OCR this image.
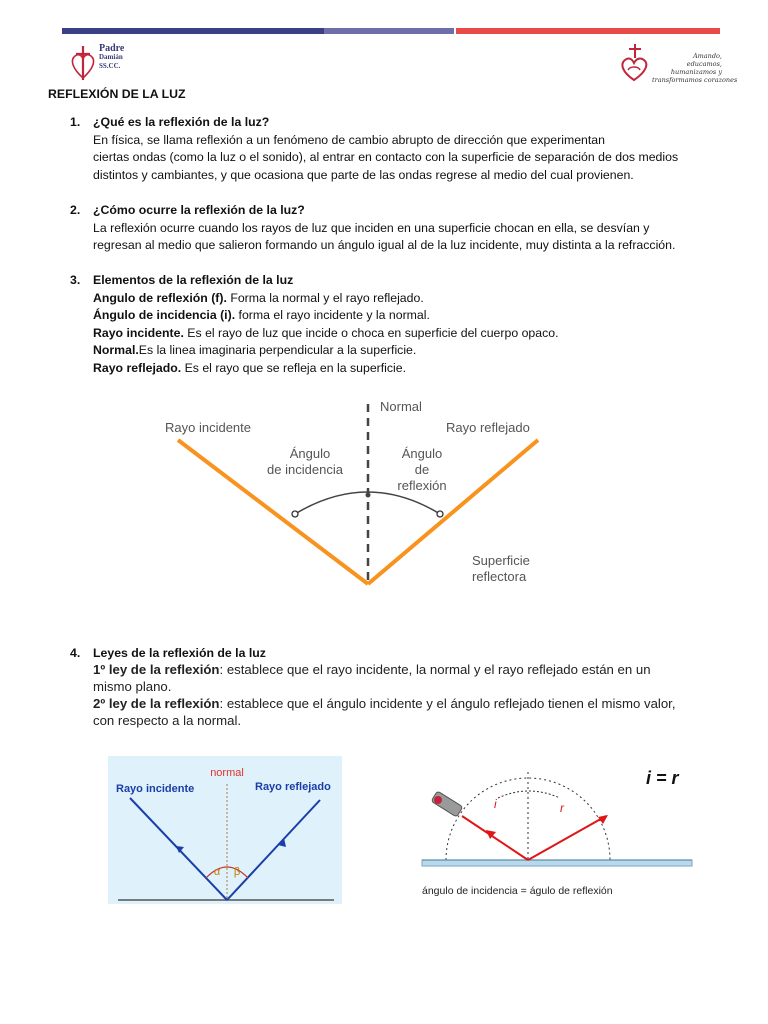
Padre
Damián
SS.CC.
Amando,
educamos,
humanizamos y
transformamos corazones
REFLEXIÓN DE LA LUZ
1. ¿Qué es la reflexión de la luz?
En física, se llama reflexión a un fenómeno de cambio abrupto de dirección que experimentan
ciertas ondas (como la luz o el sonido), al entrar en contacto con la superficie de separación de dos medios
distintos y cambiantes, y que ocasiona que parte de las ondas regrese al medio del cual provienen.
2. ¿Cómo ocurre la reflexión de la luz?
La reflexión ocurre cuando los rayos de luz que inciden en una superficie chocan en ella, se desvían y
regresan al medio que salieron formando un ángulo igual al de la luz incidente, muy distinta a la refracción.
3. Elementos de la reflexión de la luz
Angulo de reflexión (f). Forma la normal y el rayo reflejado.
Ángulo de incidencia (i). forma el rayo incidente y la normal.
Rayo incidente. Es el rayo de luz que incide o choca en superficie del cuerpo opaco.
Normal.Es la linea imaginaria perpendicular a la superficie.
Rayo reflejado. Es el rayo que se refleja en la superficie.
Normal
Rayo incidente	Rayo reflejado
Ángulo
de incidencia
Ángulo
de
reflexión
Superficie
reflectora
4. Leyes de la reflexión de la luz
1º ley de la reflexión: establece que el rayo incidente, la normal y el rayo reflejado están en un
mismo plano.
2º ley de la reflexión: establece que el ángulo incidente y el ángulo reflejado tienen el mismo valor,
con respecto a la normal.
normal
Rayo incidente	Rayo reflejado
α β
i = r
i	r
ángulo de incidencia = águlo de reflexión
